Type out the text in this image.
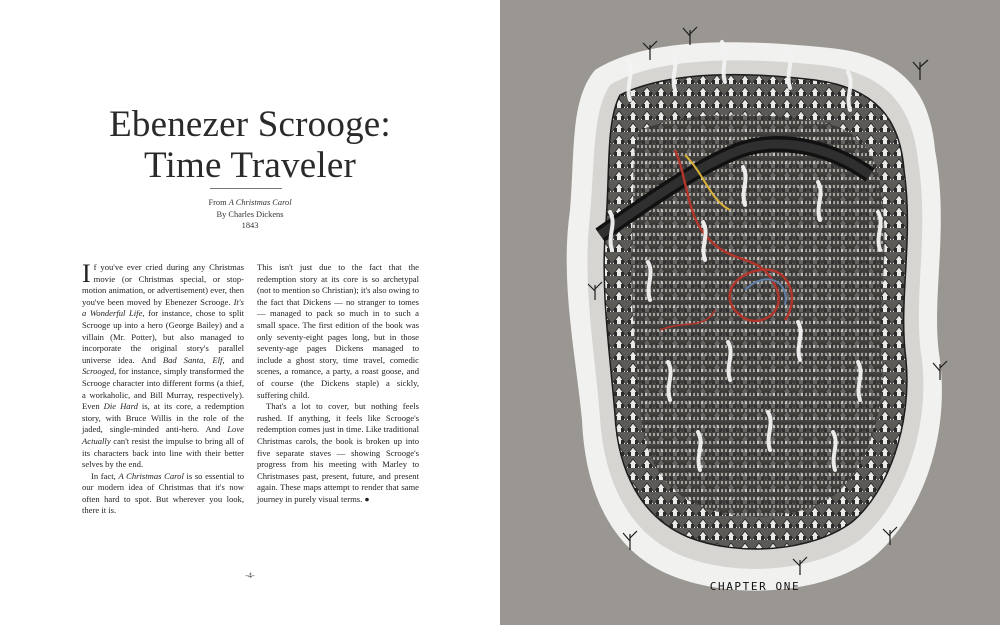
Ebenezer Scrooge:
Time Traveler
From A Christmas Carol
By Charles Dickens
1843

If you've ever cried during any Christmas movie (or Christmas special, or stop-motion animation, or advertisement) ever, then you've been moved by Ebenezer Scrooge. It's a Wonderful Life, for instance, chose to split Scrooge up into a hero (George Bailey) and a villain (Mr. Potter), but also managed to incorporate the original story's parallel universe idea. And Bad Santa, Elf, and Scrooged, for instance, simply transformed the Scrooge character into different forms (a thief, a workaholic, and Bill Murray, respectively). Even Die Hard is, at its core, a redemption story, with Bruce Willis in the role of the jaded, single-minded anti-hero. And Love Actually can't resist the impulse to bring all of its characters back into line with their better selves by the end.

In fact, A Christmas Carol is so essential to our modern idea of Christmas that it's now often hard to spot. But wherever you look, there it is.

This isn't just due to the fact that the redemption story at its core is so archetypal (not to mention so Christian); it's also owing to the fact that Dickens — no stranger to tomes — managed to pack so much in to such a small space. The first edition of the book was only seventy-eight pages long, but in those seventy-age pages Dickens managed to include a ghost story, time travel, comedic scenes, a romance, a party, a roast goose, and of course (the Dickens staple) a sickly, suffering child.

That's a lot to cover, but nothing feels rushed. If anything, it feels like Scrooge's redemption comes just in time. Like traditional Christmas carols, the book is broken up into five separate staves — showing Scrooge's progress from his meeting with Marley to Christmases past, present, future, and present again. These maps attempt to render that same journey in purely visual terms. ●

-4-
CHAPTER ONE
